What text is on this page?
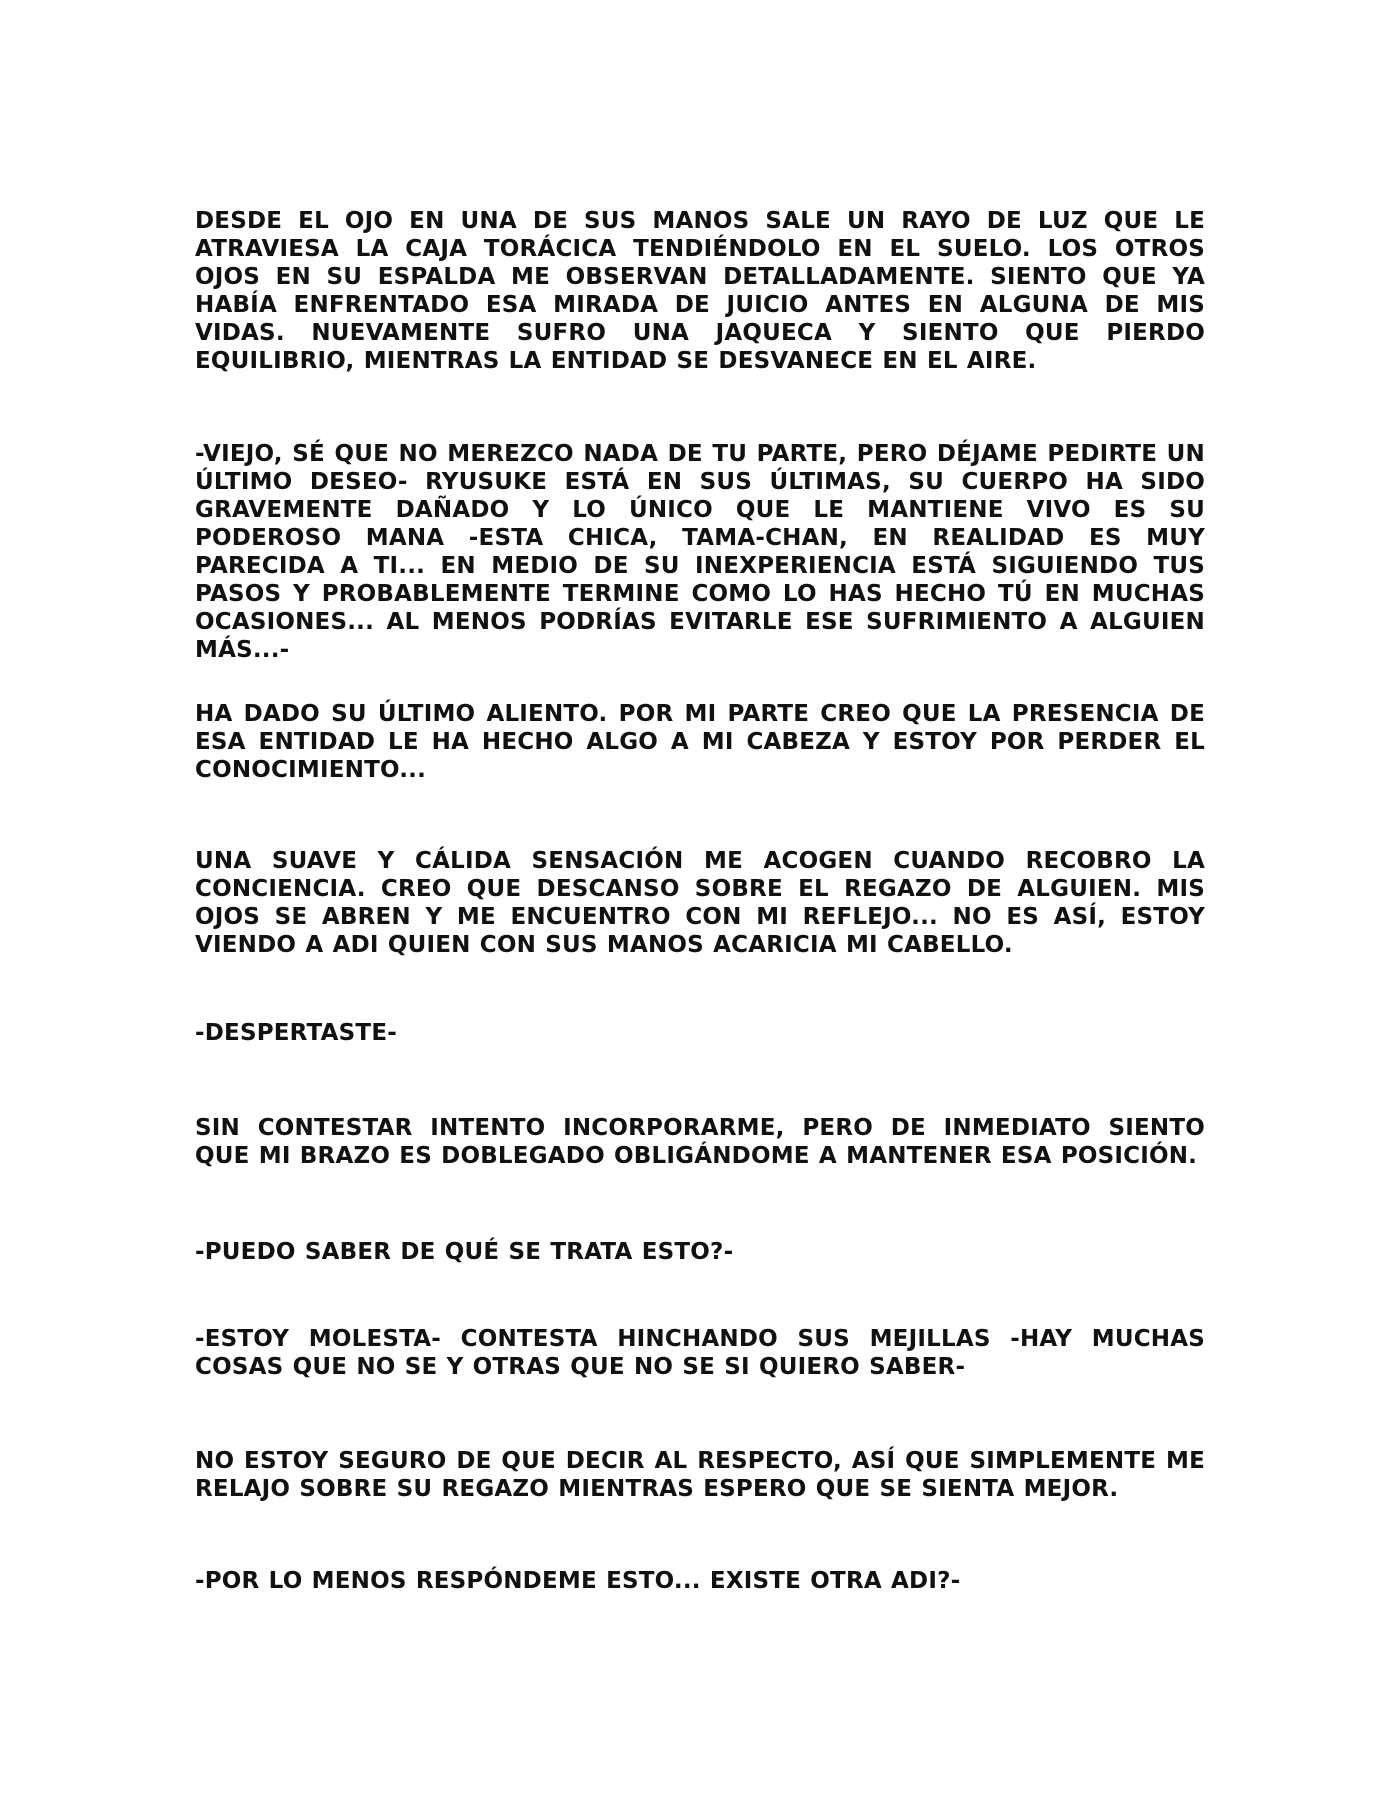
DESDE EL OJO EN UNA DE SUS MANOS SALE UN RAYO DE LUZ QUE LE ATRAVIESA LA CAJA TORÁCICA TENDIÉNDOLO EN EL SUELO. LOS OTROS OJOS EN SU ESPALDA ME OBSERVAN DETALLADAMENTE. SIENTO QUE YA HABÍA ENFRENTADO ESA MIRADA DE JUICIO ANTES EN ALGUNA DE MIS VIDAS. NUEVAMENTE SUFRO UNA JAQUECA Y SIENTO QUE PIERDO EQUILIBRIO, MIENTRAS LA ENTIDAD SE DESVANECE EN EL AIRE.

-VIEJO, SÉ QUE NO MEREZCO NADA DE TU PARTE, PERO DÉJAME PEDIRTE UN ÚLTIMO DESEO- RYUSUKE ESTÁ EN SUS ÚLTIMAS, SU CUERPO HA SIDO GRAVEMENTE DAÑADO Y LO ÚNICO QUE LE MANTIENE VIVO ES SU PODEROSO MANA -ESTA CHICA, TAMA-CHAN, EN REALIDAD ES MUY PARECIDA A TI... EN MEDIO DE SU INEXPERIENCIA ESTÁ SIGUIENDO TUS PASOS Y PROBABLEMENTE TERMINE COMO LO HAS HECHO TÚ EN MUCHAS OCASIONES... AL MENOS PODRÍAS EVITARLE ESE SUFRIMIENTO A ALGUIEN MÁS...-

HA DADO SU ÚLTIMO ALIENTO. POR MI PARTE CREO QUE LA PRESENCIA DE ESA ENTIDAD LE HA HECHO ALGO A MI CABEZA Y ESTOY POR PERDER EL CONOCIMIENTO...

UNA SUAVE Y CÁLIDA SENSACIÓN ME ACOGEN CUANDO RECOBRO LA CONCIENCIA. CREO QUE DESCANSO SOBRE EL REGAZO DE ALGUIEN. MIS OJOS SE ABREN Y ME ENCUENTRO CON MI REFLEJO... NO ES ASÍ, ESTOY VIENDO A ADI QUIEN CON SUS MANOS ACARICIA MI CABELLO.

-DESPERTASTE-

SIN CONTESTAR INTENTO INCORPORARME, PERO DE INMEDIATO SIENTO QUE MI BRAZO ES DOBLEGADO OBLIGÁNDOME A MANTENER ESA POSICIÓN.

-PUEDO SABER DE QUÉ SE TRATA ESTO?-

-ESTOY MOLESTA- CONTESTA HINCHANDO SUS MEJILLAS -HAY MUCHAS COSAS QUE NO SE Y OTRAS QUE NO SE SI QUIERO SABER-

NO ESTOY SEGURO DE QUE DECIR AL RESPECTO, ASÍ QUE SIMPLEMENTE ME RELAJO SOBRE SU REGAZO MIENTRAS ESPERO QUE SE SIENTA MEJOR.

-POR LO MENOS RESPÓNDEME ESTO... EXISTE OTRA ADI?-
